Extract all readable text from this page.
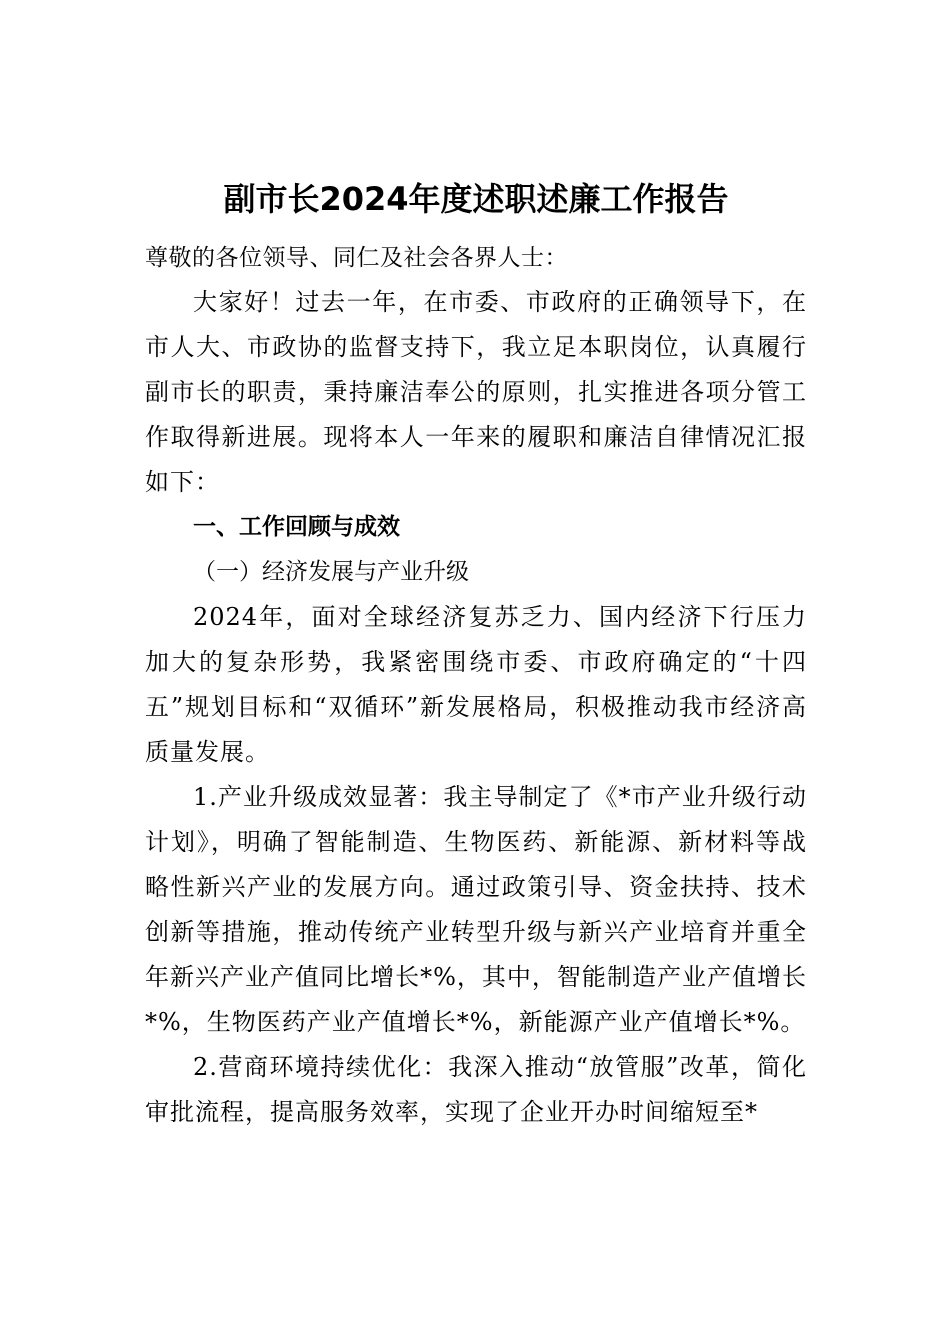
副市长2024年度述职述廉工作报告

尊敬的各位领导、同仁及社会各界人士：

大家好！过去一年，在市委、市政府的正确领导下，在市人大、市政协的监督支持下，我立足本职岗位，认真履行副市长的职责，秉持廉洁奉公的原则，扎实推进各项分管工作取得新进展。现将本人一年来的履职和廉洁自律情况汇报如下：

一、工作回顾与成效

（一）经济发展与产业升级

2024年，面对全球经济复苏乏力、国内经济下行压力加大的复杂形势，我紧密围绕市委、市政府确定的“十四五”规划目标和“双循环”新发展格局，积极推动我市经济高质量发展。

1.产业升级成效显著：我主导制定了《*市产业升级行动计划》，明确了智能制造、生物医药、新能源、新材料等战略性新兴产业的发展方向。通过政策引导、资金扶持、技术创新等措施，推动传统产业转型升级与新兴产业培育并重全年新兴产业产值同比增长*%，其中，智能制造产业产值增长*%，生物医药产业产值增长*%，新能源产业产值增长*%。

2.营商环境持续优化：我深入推动“放管服”改革，简化审批流程，提高服务效率，实现了企业开办时间缩短至*
